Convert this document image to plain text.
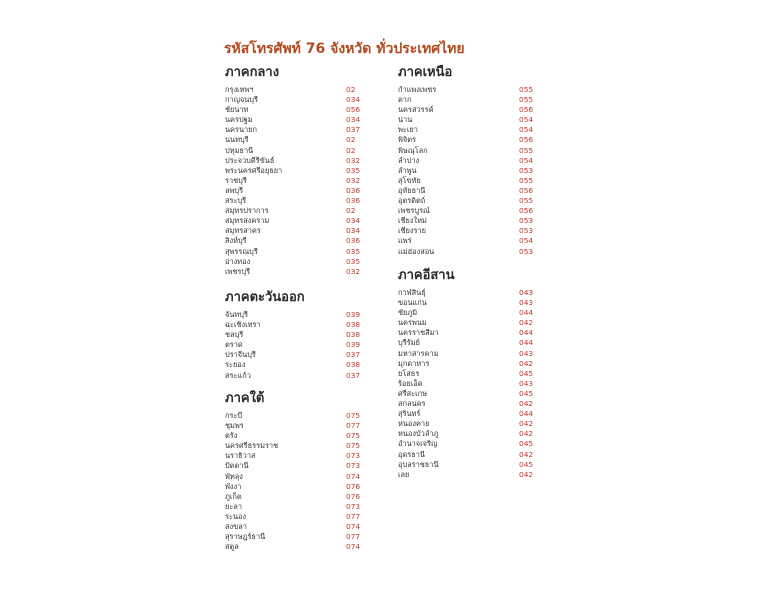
รหัสโทรศัพท์ 76 จังหวัด ทั่วประเทศไทย
ภาคกลาง
กรุงเทพฯ	02
กาญจนบุรี	034
ชัยนาท	056
นครปฐม	034
นครนายก	037
นนทบุรี	02
ปทุมธานี	02
ประจวบคีรีขันธ์	032
พระนครศรีอยุธยา	035
ราชบุรี	032
ลพบุรี	036
สระบุรี	036
สมุทรปราการ	02
สมุทรสงคราม	034
สมุทรสาคร	034
สิงห์บุรี	036
สุพรรณบุรี	035
อ่างทอง	035
เพชรบุรี	032
ภาคตะวันออก
จันทบุรี	039
ฉะเชิงเทรา	038
ชลบุรี	038
ตราด	039
ปราจีนบุรี	037
ระยอง	038
สระแก้ว	037
ภาคใต้
กระบี่	075
ชุมพร	077
ตรัง	075
นครศรีธรรมราช	075
นราธิวาส	073
ปัตตานี	073
พัทลุง	074
พังงา	076
ภูเก็ต	076
ยะลา	073
ระนอง	077
สงขลา	074
สุราษฎร์ธานี	077
สตูล	074
ภาคเหนือ
กำแพงเพชร	055
ตาก	055
นครสวรรค์	056
น่าน	054
พะเยา	054
พิจิตร	056
พิษณุโลก	055
ลำปาง	054
ลำพูน	053
สุโขทัย	055
อุทัยธานี	056
อุตรดิตถ์	055
เพชรบูรณ์	056
เชียงใหม่	053
เชียงราย	053
แพร่	054
แม่ฮ่องสอน	053
ภาคอีสาน
กาฬสินธุ์	043
ขอนแก่น	043
ชัยภูมิ	044
นครพนม	042
นครราชสีมา	044
บุรีรัมย์	044
มหาสารคาม	043
มุกดาหาร	042
ยโสธร	045
ร้อยเอ็ด	043
ศรีสะเกษ	045
สกลนคร	042
สุรินทร์	044
หนองคาย	042
หนองบัวลำภู	042
อำนาจเจริญ	045
อุดรธานี	042
อุบลราชธานี	045
เลย	042
